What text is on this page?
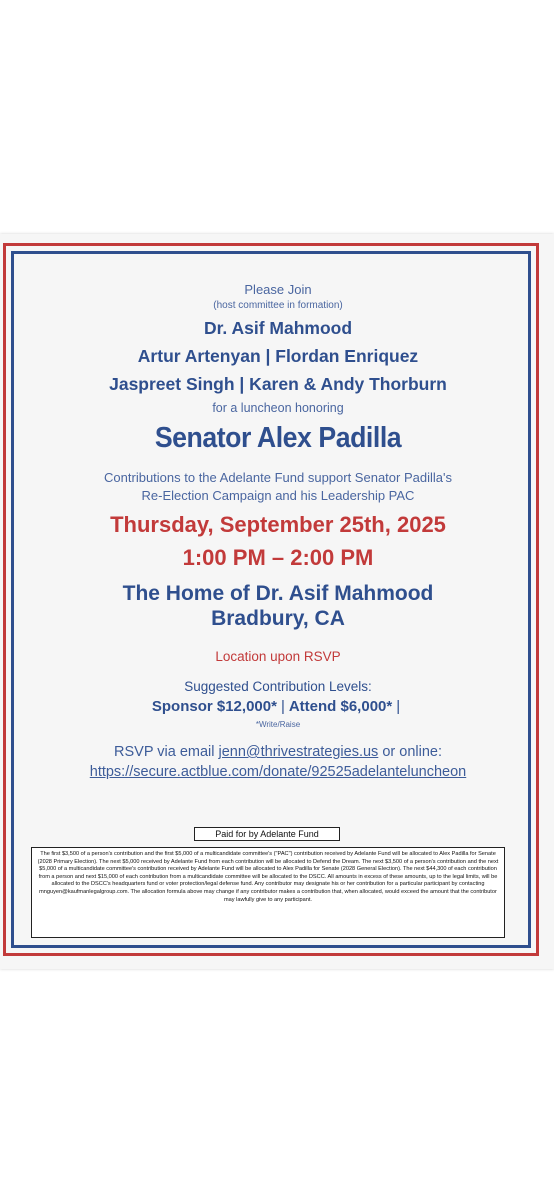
Please Join
(host committee in formation)
Dr. Asif Mahmood
Artur Artenyan | Flordan Enriquez
Jaspreet Singh | Karen & Andy Thorburn
for a luncheon honoring
Senator Alex Padilla
Contributions to the Adelante Fund support Senator Padilla's
Re-Election Campaign and his Leadership PAC
Thursday, September 25th, 2025
1:00 PM – 2:00 PM
The Home of Dr. Asif Mahmood
Bradbury, CA
Location upon RSVP
Suggested Contribution Levels:
Sponsor $12,000* | Attend $6,000* |
*Write/Raise
RSVP via email jenn@thrivestrategies.us or online:
https://secure.actblue.com/donate/92525adelanteluncheon
Paid for by Adelante Fund
The first $3,500 of a person's contribution and the first $5,000 of a multicandidate committee's ("PAC") contribution received by Adelante Fund will be allocated to Alex Padilla for Senate (2028 Primary Election). The next $5,000 received by Adelante Fund from each contribution will be allocated to Defend the Dream. The next $3,500 of a person's contribution and the next $5,000 of a multicandidate committee's contribution received by Adelante Fund will be allocated to Alex Padilla for Senate (2028 General Election). The next $44,300 of each contribution from a person and next $15,000 of each contribution from a multicandidate committee will be allocated to the DSCC. All amounts in excess of these amounts, up to the legal limits, will be allocated to the DSCC's headquarters fund or voter protection/legal defense fund. Any contributor may designate his or her contribution for a particular participant by contacting mnguyen@kaufmanlegalgroup.com. The allocation formula above may change if any contributor makes a contribution that, when allocated, would exceed the amount that the contributor may lawfully give to any participant.
